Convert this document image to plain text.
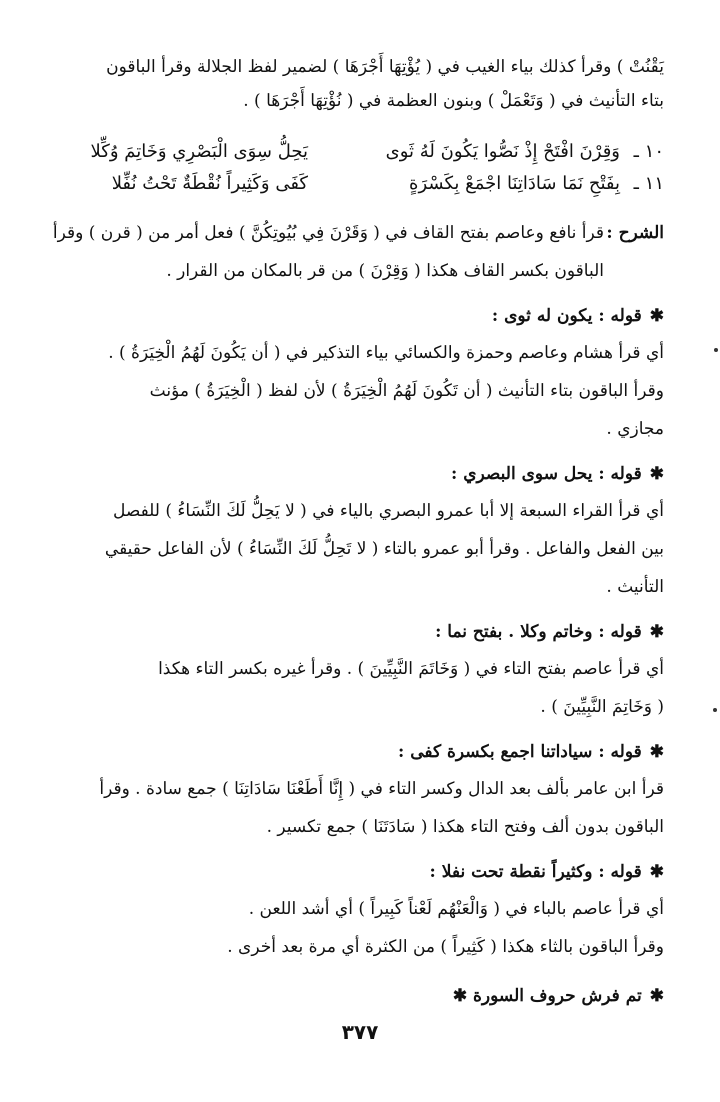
يَقْنُتْ ) وقرأ كذلك بياء الغيب في ( يُؤْتِهَا أَجْرَهَا ) لضمير لفظ الجلالة وقرأ الباقون

بتاء التأنيث في ( وَتَعْمَلْ ) وبنون العظمة في ( نُؤْتِهَا أَجْرَهَا ) .

١٠ ـ
وَقِرْنَ افْتَحْ إِذْ نَصُّوا يَكُونَ لَهُ ثَوى
يَحِلُّ سِوَى الْبَصْرِي وَخَاتِمَ وُكِّلا
١١ ـ
بِفَتْحِ نَمَا سَادَاتِنَا اجْمَعْ بِكَسْرَةٍ
كَفَى وَكَثِيراً نُقْطَةٌ تَحْتُ نُفِّلا
الشرح :

قرأ نافع وعاصم بفتح القاف في ( وَقَرْنَ فِي بُيُوتِكُنَّ ) فعل أمر من ( قرن ) وقرأ

الباقون بكسر القاف هكذا ( وَقِرْنَ ) من قر بالمكان من القرار .

✱قوله : يكون له ثوى :

أي قرأ هشام وعاصم وحمزة والكسائي بياء التذكير في ( أن يَكُونَ لَهُمُ الْخِيَرَةُ ) .

وقرأ الباقون بتاء التأنيث ( أن تَكُونَ لَهُمُ الْخِيَرَةُ ) لأن لفظ ( الْخِيَرَةُ ) مؤنث

مجازي .

✱قوله : يحل سوى البصري :

أي قرأ القراء السبعة إلا أبا عمرو البصري بالياء في ( لا يَحِلُّ لَكَ النِّسَاءُ ) للفصل

بين الفعل والفاعل . وقرأ أبو عمرو بالتاء ( لا تَحِلُّ لَكَ النِّسَاءُ ) لأن الفاعل حقيقي

التأنيث .

✱قوله : وخاتم وكلا . بفتح نما :

أي قرأ عاصم بفتح التاء في ( وَخَاتَمَ النَّبِيِّينَ ) . وقرأ غيره بكسر التاء هكذا

( وَخَاتِمَ النَّبِيِّينَ ) .

✱قوله : سياداتنا اجمع بكسرة كفى :

قرأ ابن عامر بألف بعد الدال وكسر التاء في ( إِنَّا أَطَعْنَا سَادَاتِنَا ) جمع سادة . وقرأ

الباقون بدون ألف وفتح التاء هكذا ( سَادَتَنَا ) جمع تكسير .

✱قوله : وكثيراً نقطة تحت نفلا :

أي قرأ عاصم بالباء في ( وَالْعَنْهُم لَعْناً كَبِيراً ) أي أشد اللعن .

وقرأ الباقون بالثاء هكذا ( كَثِيراً ) من الكثرة أي مرة بعد أخرى .

✱تم فرش حروف السورة ✱

٣٧٧
